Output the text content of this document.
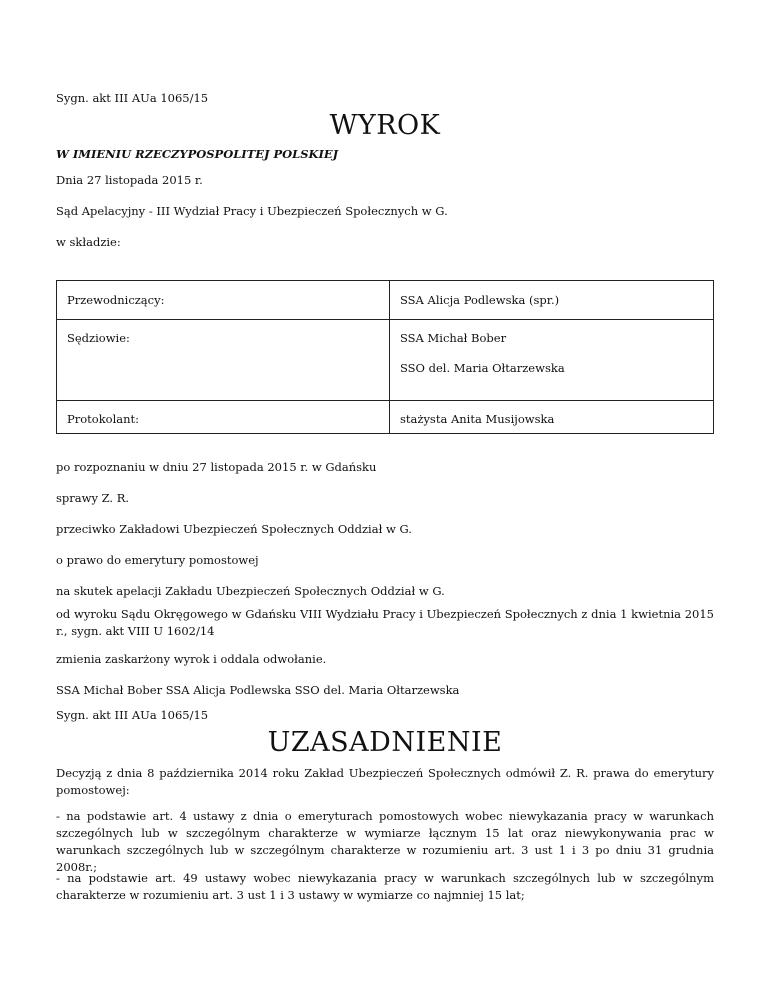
Sygn. akt III AUa 1065/15
WYROK
W IMIENIU RZECZYPOSPOLITEJ POLSKIEJ
Dnia 27 listopada 2015 r.
Sąd Apelacyjny - III Wydział Pracy i Ubezpieczeń Społecznych w G.
w składzie:
Przewodniczący:	SSA Alicja Podlewska (spr.)

Sędziowie:	SSA Michał Bober
SSO del. Maria Ołtarzewska

Protokolant:	stażysta Anita Musijowska
po rozpoznaniu w dniu 27 listopada 2015 r. w Gdańsku
sprawy Z. R.
przeciwko Zakładowi Ubezpieczeń Społecznych Oddział w G.
o prawo do emerytury pomostowej
na skutek apelacji Zakładu Ubezpieczeń Społecznych Oddział w G.
od wyroku Sądu Okręgowego w Gdańsku VIII Wydziału Pracy i Ubezpieczeń Społecznych z dnia 1 kwietnia 2015 r., sygn. akt VIII U 1602/14
zmienia zaskarżony wyrok i oddala odwołanie.
SSA Michał Bober SSA Alicja Podlewska SSO del. Maria Ołtarzewska
Sygn. akt III AUa 1065/15
UZASADNIENIE
Decyzją z dnia 8 października 2014 roku Zakład Ubezpieczeń Społecznych odmówił Z. R. prawa do emerytury pomostowej:
- na podstawie art. 4 ustawy z dnia o emeryturach pomostowych wobec niewykazania pracy w warunkach szczególnych lub w szczególnym charakterze w wymiarze łącznym 15 lat oraz niewykonywania prac w warunkach szczególnych lub w szczególnym charakterze w rozumieniu art. 3 ust 1 i 3 po dniu 31 grudnia 2008r.;
- na podstawie art. 49 ustawy wobec niewykazania pracy w warunkach szczególnych lub w szczególnym charakterze w rozumieniu art. 3 ust 1 i 3 ustawy w wymiarze co najmniej 15 lat;
